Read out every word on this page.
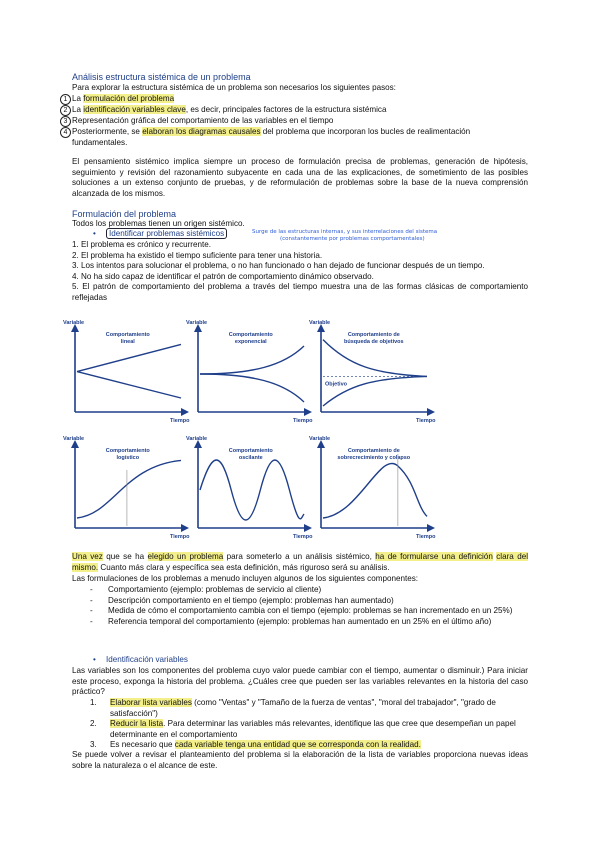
Análisis estructura sistémica de un problema
Para explorar la estructura sistémica de un problema son necesarios los siguientes pasos:
1 La formulación del problema
2 La identificación variables clave, es decir, principales factores de la estructura sistémica
3 Representación gráfica del comportamiento de las variables en el tiempo
4 Posteriormente, se elaboran los diagramas causales del problema que incorporan los bucles de realimentación
fundamentales.
El pensamiento sistémico implica siempre un proceso de formulación precisa de problemas, generación de hipótesis, seguimiento y revisión del razonamiento subyacente en cada una de las explicaciones, de sometimiento de las posibles soluciones a un extenso conjunto de pruebas, y de reformulación de problemas sobre la base de la nueva comprensión alcanzada de los mismos.
Formulación del problema
Todos los problemas tienen un origen sistémico.
Identificar problemas sistémicos	Surge de las estructuras internas, y sus interrelaciones del sistema
(constantemente por problemas comportamentales)
1. El problema es crónico y recurrente.
2. El problema ha existido el tiempo suficiente para tener una historia.
3. Los intentos para solucionar el problema, o no han funcionado o han dejado de funcionar después de un tiempo.
4. No ha sido capaz de identificar el patrón de comportamiento dinámico observado.
5. El patrón de comportamiento del problema a través del tiempo muestra una de las formas clásicas de comportamiento reflejadas
Variable
Tiempo
Comportamiento
lineal
Variable
Tiempo
Comportamiento
exponencial
Variable
Tiempo
Comportamiento de
búsqueda de objetivos
Objetivo
Variable
Tiempo
Comportamiento
logístico
Variable
Tiempo
Comportamiento
oscilante
Variable
Tiempo
Comportamiento de
sobrecrecimiento y colapso
Una vez que se ha elegido un problema para someterlo a un análisis sistémico, ha de formularse una definición clara del mismo. Cuanto más clara y específica sea esta definición, más riguroso será su análisis.
Las formulaciones de los problemas a menudo incluyen algunos de los siguientes componentes:
-	Comportamiento (ejemplo: problemas de servicio al cliente)
-	Descripción comportamiento en el tiempo (ejemplo: problemas han aumentado)
-	Medida de cómo el comportamiento cambia con el tiempo (ejemplo: problemas se han incrementado en un 25%)
-	Referencia temporal del comportamiento (ejemplo: problemas han aumentado en un 25% en el último año)
Identificación variables
Las variables son los componentes del problema cuyo valor puede cambiar con el tiempo, aumentar o disminuir.) Para iniciar este proceso, exponga la historia del problema. ¿Cuáles cree que pueden ser las variables relevantes en la historia del caso práctico?
1.	Elaborar lista variables (como "Ventas" y "Tamaño de la fuerza de ventas", "moral del trabajador", "grado de satisfacción")
2.	Reducir la lista. Para determinar las variables más relevantes, identifique las que cree que desempeñan un papel determinante en el comportamiento
3.	Es necesario que cada variable tenga una entidad que se corresponda con la realidad.
Se puede volver a revisar el planteamiento del problema si la elaboración de la lista de variables proporciona nuevas ideas sobre la naturaleza o el alcance de este.
